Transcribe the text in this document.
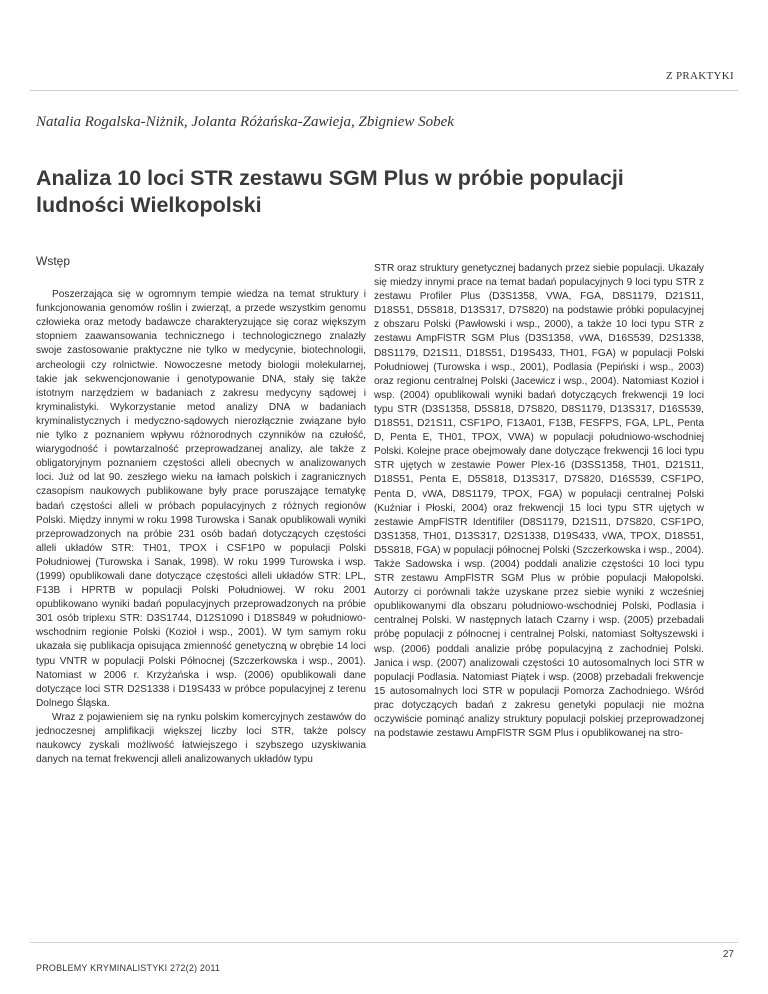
Z PRAKTYKI
Natalia Rogalska-Niżnik, Jolanta Różańska-Zawieja, Zbigniew Sobek
Analiza 10 loci STR zestawu SGM Plus w próbie populacji
ludności Wielkopolski
Wstęp

Poszerzająca się w ogromnym tempie wiedza na temat struktury i funkcjonowania genomów roślin i zwierząt, a przede wszystkim genomu człowieka oraz metody badawcze charakteryzujące się coraz większym stopniem zaawansowania technicznego i technologicznego znalazły swoje zastosowanie praktyczne nie tylko w medycynie, biotechnologii, archeologii czy rolnictwie. Nowoczesne metody biologii molekularnej, takie jak sekwencjonowanie i genotypowanie DNA, stały się także istotnym narzędziem w badaniach z zakresu medycyny sądowej i kryminalistyki. Wykorzystanie metod analizy DNA w badaniach kryminalistycznych i medyczno-sądowych nierozłącznie związane było nie tylko z poznaniem wpływu różnorodnych czynników na czułość, wiarygodność i powtarzalność przeprowadzanej analizy, ale także z obligatoryjnym poznaniem częstości alleli obecnych w analizowanych loci. Już od lat 90. zeszłego wieku na łamach polskich i zagranicznych czasopism naukowych publikowane były prace poruszające tematykę badań częstości alleli w próbach populacyjnych z różnych regionów Polski. Między innymi w roku 1998 Turowska i Sanak opublikowali wyniki przeprowadzonych na próbie 231 osób badań dotyczących częstości alleli układów STR: TH01, TPOX i CSF1P0 w populacji Polski Południowej (Turowska i Sanak, 1998). W roku 1999 Turowska i wsp. (1999) opublikowali dane dotyczące częstości alleli układów STR: LPL, F13B i HPRTB w populacji Polski Południowej. W roku 2001 opublikowano wyniki badań populacyjnych przeprowadzonych na próbie 301 osób triplexu STR: D3S1744, D12S1090 i D18S849 w południowo-wschodnim regionie Polski (Kozioł i wsp., 2001). W tym samym roku ukazała się publikacja opisująca zmienność genetyczną w obrębie 14 loci typu VNTR w populacji Polski Północnej (Szczerkowska i wsp., 2001). Natomiast w 2006 r. Krzyżańska i wsp. (2006) opublikowali dane dotyczące loci STR D2S1338 i D19S433 w próbce populacyjnej z terenu Dolnego Śląska.

Wraz z pojawieniem się na rynku polskim komercyjnych zestawów do jednoczesnej amplifikacji większej liczby loci STR, także polscy naukowcy zyskali możliwość łatwiejszego i szybszego uzyskiwania danych na temat frekwencji alleli analizowanych układów typu

STR oraz struktury genetycznej badanych przez siebie populacji. Ukazały się miedzy innymi prace na temat badań populacyjnych 9 loci typu STR z zestawu Profiler Plus (D3S1358, VWA, FGA, D8S1179, D21S11, D18S51, D5S818, D13S317, D7S820) na podstawie próbki populacyjnej z obszaru Polski (Pawłowski i wsp., 2000), a także 10 loci typu STR z zestawu AmpFlSTR SGM Plus (D3S1358, vWA, D16S539, D2S1338, D8S1179, D21S11, D18S51, D19S433, TH01, FGA) w populacji Polski Południowej (Turowska i wsp., 2001), Podlasia (Pepiński i wsp., 2003) oraz regionu centralnej Polski (Jacewicz i wsp., 2004). Natomiast Kozioł i wsp. (2004) opublikowali wyniki badań dotyczących frekwencji 19 loci typu STR (D3S1358, D5S818, D7S820, D8S1179, D13S317, D16S539, D18S51, D21S11, CSF1PO, F13A01, F13B, FESFPS, FGA, LPL, Penta D, Penta E, TH01, TPOX, VWA) w populacji południowo-wschodniej Polski. Kolejne prace obejmowały dane dotyczące frekwencji 16 loci typu STR ujętych w zestawie Power Plex-16 (D3SS1358, TH01, D21S11, D18S51, Penta E, D5S818, D13S317, D7S820, D16S539, CSF1PO, Penta D, vWA, D8S1179, TPOX, FGA) w populacji centralnej Polski (Kuźniar i Płoski, 2004) oraz frekwencji 15 loci typu STR ujętych w zestawie AmpFlSTR Identifiler (D8S1179, D21S11, D7S820, CSF1PO, D3S1358, TH01, D13S317, D2S1338, D19S433, vWA, TPOX, D18S51, D5S818, FGA) w populacji północnej Polski (Szczerkowska i wsp., 2004). Także Sadowska i wsp. (2004) poddali analizie częstości 10 loci typu STR zestawu AmpFlSTR SGM Plus w próbie populacji Małopolski. Autorzy ci porównali także uzyskane przez siebie wyniki z wcześniej opublikowanymi dla obszaru południowo-wschodniej Polski, Podlasia i centralnej Polski. W następnych latach Czarny i wsp. (2005) przebadali próbę populacji z północnej i centralnej Polski, natomiast Sołtyszewski i wsp. (2006) poddali analizie próbę populacyjną z zachodniej Polski. Janica i wsp. (2007) analizowali częstości 10 autosomalnych loci STR w populacji Podlasia. Natomiast Piątek i wsp. (2008) przebadali frekwencje 15 autosomalnych loci STR w populacji Pomorza Zachodniego. Wśród prac dotyczących badań z zakresu genetyki populacji nie można oczywiście pominąć analizy struktury populacji polskiej przeprowadzonej na podstawie zestawu AmpFlSTR SGM Plus i opublikowanej na stro-

PROBLEMY KRYMINALISTYKI 272(2) 2011
27
